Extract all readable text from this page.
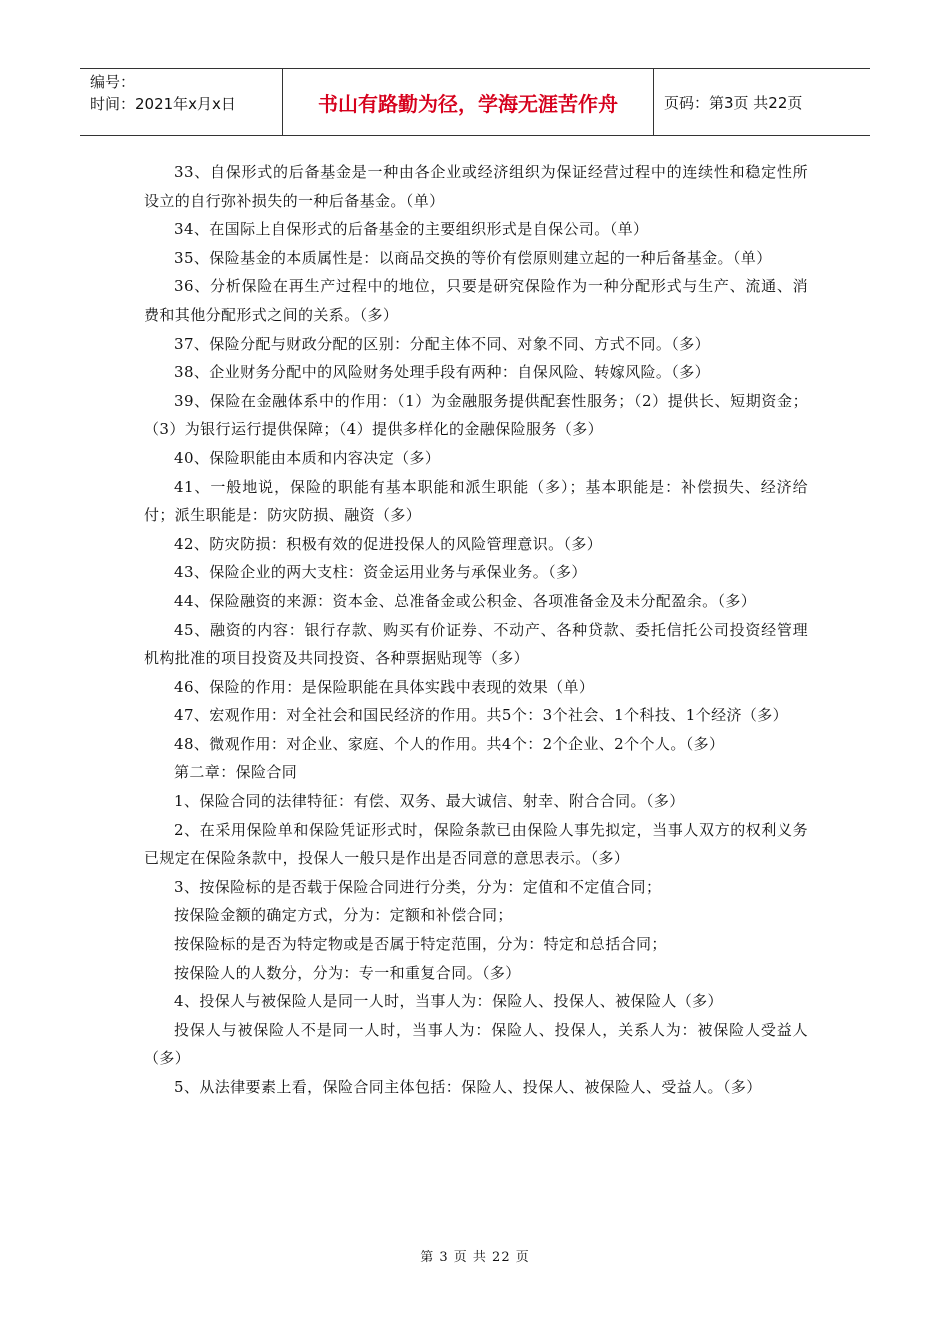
编号：
时间：2021年x月x日	书山有路勤为径，学海无涯苦作舟	页码：第3页 共22页

33、自保形式的后备基金是一种由各企业或经济组织为保证经营过程中的连续性和稳定性所设立的自行弥补损失的一种后备基金。（单）

34、在国际上自保形式的后备基金的主要组织形式是自保公司。（单）

35、保险基金的本质属性是：以商品交换的等价有偿原则建立起的一种后备基金。（单）

36、分析保险在再生产过程中的地位，只要是研究保险作为一种分配形式与生产、流通、消费和其他分配形式之间的关系。（多）

37、保险分配与财政分配的区别：分配主体不同、对象不同、方式不同。（多）

38、企业财务分配中的风险财务处理手段有两种：自保风险、转嫁风险。（多）

39、保险在金融体系中的作用：（1）为金融服务提供配套性服务；（2）提供长、短期资金；（3）为银行运行提供保障；（4）提供多样化的金融保险服务（多）

40、保险职能由本质和内容决定（多）

41、一般地说，保险的职能有基本职能和派生职能（多）；基本职能是：补偿损失、经济给付；派生职能是：防灾防损、融资（多）

42、防灾防损：积极有效的促进投保人的风险管理意识。（多）

43、保险企业的两大支柱：资金运用业务与承保业务。（多）

44、保险融资的来源：资本金、总准备金或公积金、各项准备金及未分配盈余。（多）

45、融资的内容：银行存款、购买有价证券、不动产、各种贷款、委托信托公司投资经管理机构批准的项目投资及共同投资、各种票据贴现等（多）

46、保险的作用：是保险职能在具体实践中表现的效果（单）

47、宏观作用：对全社会和国民经济的作用。共5个：3个社会、1个科技、1个经济（多）

48、微观作用：对企业、家庭、个人的作用。共4个：2个企业、2个个人。（多）

第二章：保险合同

1、保险合同的法律特征：有偿、双务、最大诚信、射幸、附合合同。（多）

2、在采用保险单和保险凭证形式时，保险条款已由保险人事先拟定，当事人双方的权利义务已规定在保险条款中，投保人一般只是作出是否同意的意思表示。（多）

3、按保险标的是否载于保险合同进行分类，分为：定值和不定值合同；

按保险金额的确定方式，分为：定额和补偿合同；

按保险标的是否为特定物或是否属于特定范围，分为：特定和总括合同；

按保险人的人数分，分为：专一和重复合同。（多）

4、投保人与被保险人是同一人时，当事人为：保险人、投保人、被保险人（多）

投保人与被保险人不是同一人时，当事人为：保险人、投保人，关系人为：被保险人受益人（多）

5、从法律要素上看，保险合同主体包括：保险人、投保人、被保险人、受益人。（多）

第 3 页 共 22 页
